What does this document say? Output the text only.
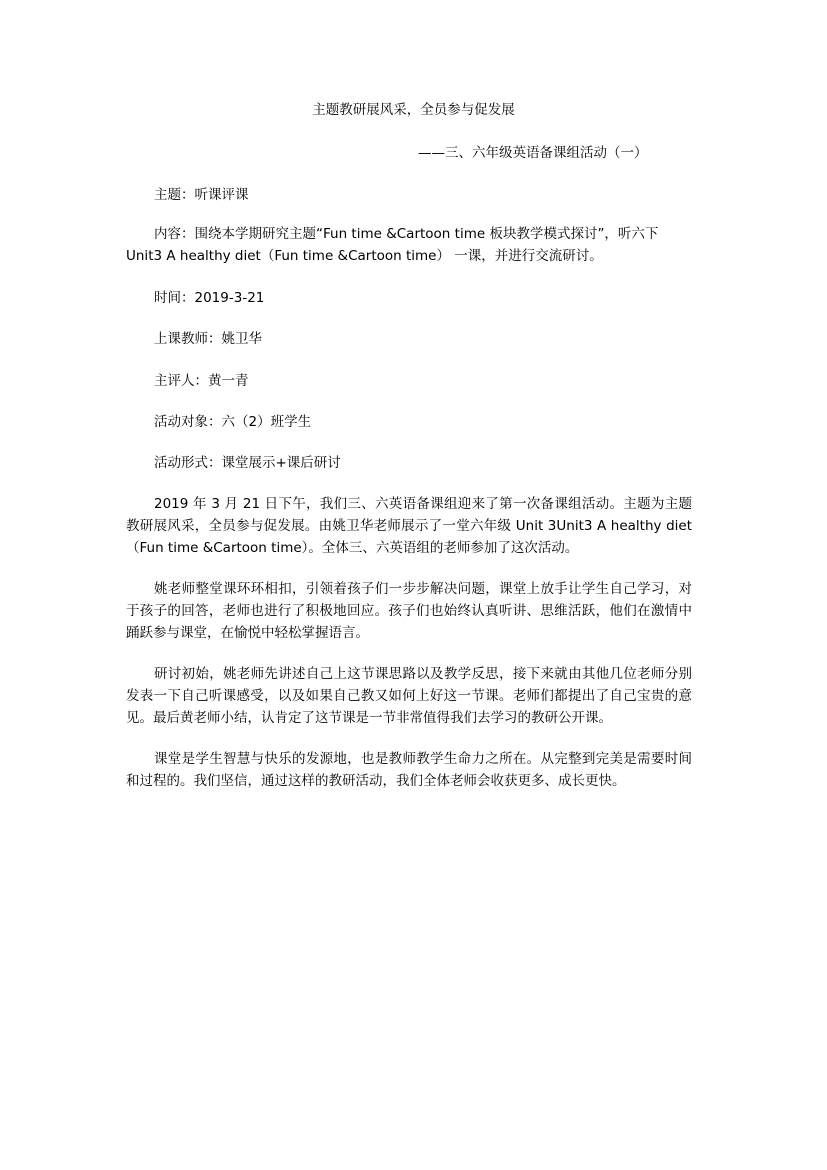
主题教研展风采，全员参与促发展
——三、六年级英语备课组活动（一）
主题：听课评课
内容：围绕本学期研究主题“Fun time &Cartoon time 板块教学模式探讨”，听六下
Unit3 A healthy diet（Fun time &Cartoon time） 一课，并进行交流研讨。
时间：2019-3-21
上课教师：姚卫华
主评人：黄一青
活动对象：六（2）班学生
活动形式：课堂展示+课后研讨
2019 年 3 月 21 日下午，我们三、六英语备课组迎来了第一次备课组活动。主题为主题教研展风采，全员参与促发展。由姚卫华老师展示了一堂六年级 Unit 3Unit3 A healthy diet（Fun time &Cartoon time）。全体三、六英语组的老师参加了这次活动。
姚老师整堂课环环相扣，引领着孩子们一步步解决问题，课堂上放手让学生自己学习，对于孩子的回答，老师也进行了积极地回应。孩子们也始终认真听讲、思维活跃，他们在激情中踊跃参与课堂，在愉悦中轻松掌握语言。
研讨初始，姚老师先讲述自己上这节课思路以及教学反思，接下来就由其他几位老师分别发表一下自己听课感受，以及如果自己教又如何上好这一节课。老师们都提出了自己宝贵的意见。最后黄老师小结，认肯定了这节课是一节非常值得我们去学习的教研公开课。
课堂是学生智慧与快乐的发源地，也是教师教学生命力之所在。从完整到完美是需要时间和过程的。我们坚信，通过这样的教研活动，我们全体老师会收获更多、成长更快。
